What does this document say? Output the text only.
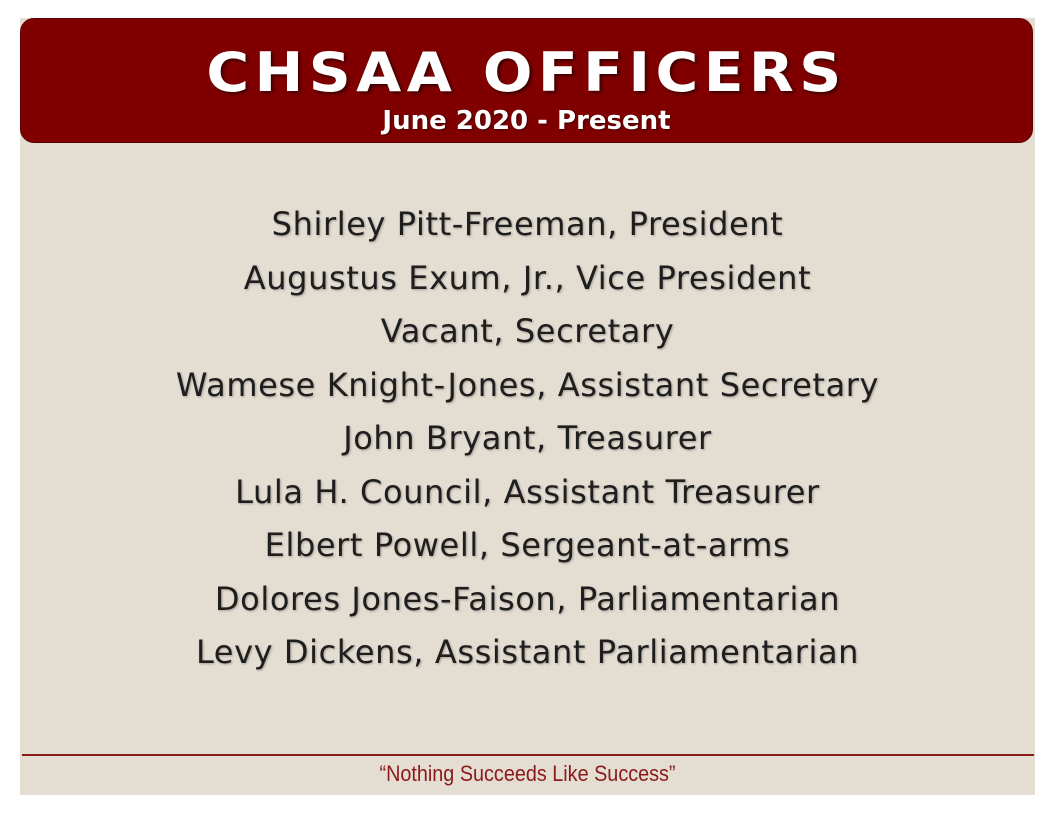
CHSAA OFFICERS
June 2020 - Present
Shirley Pitt-Freeman, President
Augustus Exum, Jr., Vice President
Vacant, Secretary
Wamese Knight-Jones, Assistant Secretary
John Bryant, Treasurer
Lula H. Council, Assistant Treasurer
Elbert Powell, Sergeant-at-arms
Dolores Jones-Faison, Parliamentarian
Levy Dickens, Assistant Parliamentarian
“Nothing Succeeds Like Success”
